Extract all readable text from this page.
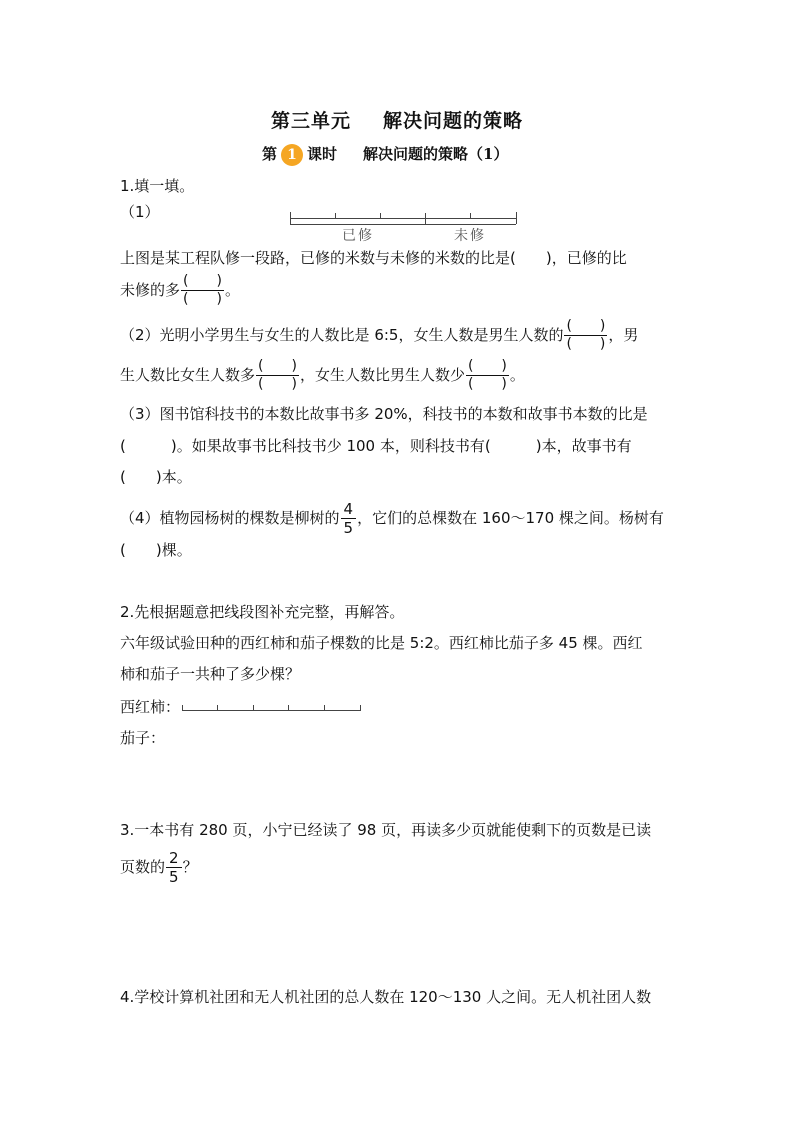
第三单元 解决问题的策略
第 1 课时 解决问题的策略（1）
1.填一填。
（1）
已修	未修
上图是某工程队修一段路，已修的米数与未修的米数的比是(　　)，已修的比
未修的多 $\frac{( )}{( )}$ 。
（2）光明小学男生与女生的人数比是 6:5，女生人数是男生人数的 $\frac{( )}{( )}$ ，男
生人数比女生人数多 $\frac{( )}{( )}$ ，女生人数比男生人数少 $\frac{( )}{( )}$ 。
（3）图书馆科技书的本数比故事书多 20%，科技书的本数和故事书本数的比是
(　　　)。如果故事书比科技书少 100 本，则科技书有(　　　)本，故事书有
(　　)本。
（4）植物园杨树的棵数是柳树的 $\frac{4}{5}$ ，它们的总棵数在 160～170 棵之间。杨树有
(　　)棵。
2.先根据题意把线段图补充完整，再解答。
六年级试验田种的西红柿和茄子棵数的比是 5:2。西红柿比茄子多 45 棵。西红
柿和茄子一共种了多少棵？
西红柿：
茄子：
3.一本书有 280 页，小宁已经读了 98 页，再读多少页就能使剩下的页数是已读
页数的 $\frac{2}{5}$ ？
4.学校计算机社团和无人机社团的总人数在 120～130 人之间。无人机社团人数
